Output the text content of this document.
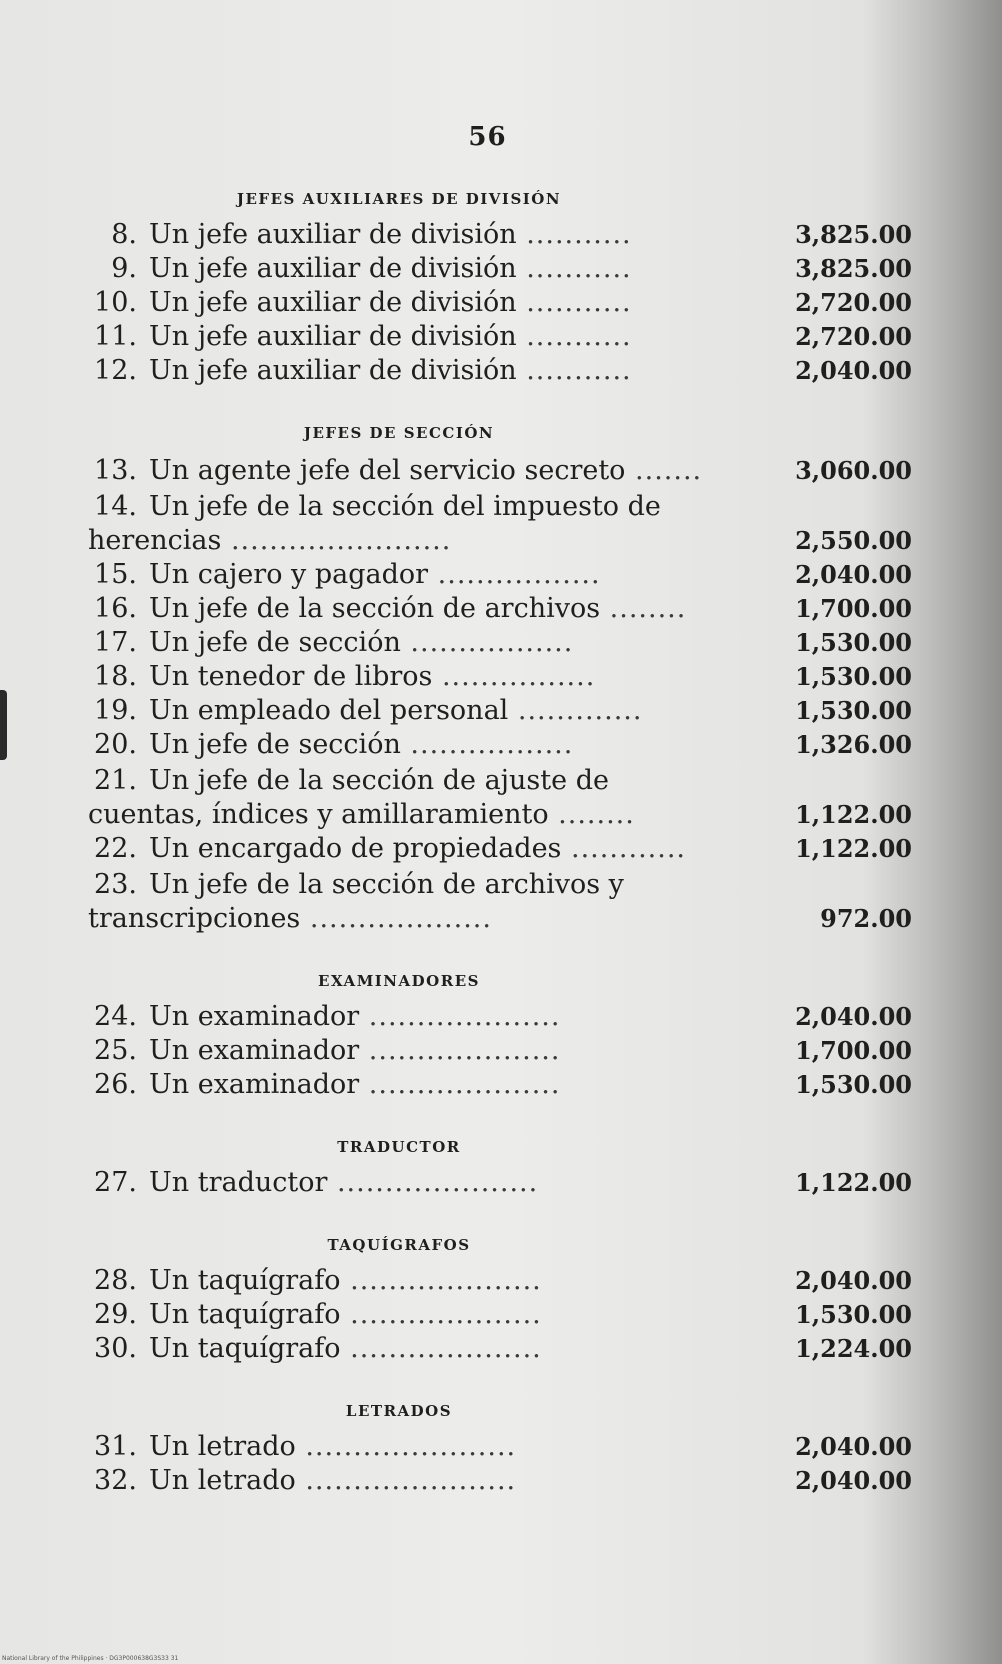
56
JEFES AUXILIARES DE DIVISIÓN
8. Un jefe auxiliar de división ...........	3,825.00
9. Un jefe auxiliar de división ...........	3,825.00
10. Un jefe auxiliar de división ...........	2,720.00
11. Un jefe auxiliar de división ...........	2,720.00
12. Un jefe auxiliar de división ...........	2,040.00
JEFES DE SECCIÓN
13. Un agente jefe del servicio secreto .......	3,060.00
14. Un jefe de la sección del impuesto de
herencias .......................	2,550.00
15. Un cajero y pagador .................	2,040.00
16. Un jefe de la sección de archivos ........	1,700.00
17. Un jefe de sección .................	1,530.00
18. Un tenedor de libros ................	1,530.00
19. Un empleado del personal .............	1,530.00
20. Un jefe de sección .................	1,326.00
21. Un jefe de la sección de ajuste de
cuentas, índices y amillaramiento ........	1,122.00
22. Un encargado de propiedades ............	1,122.00
23. Un jefe de la sección de archivos y
transcripciones ...................	972.00
EXAMINADORES
24. Un examinador ....................	2,040.00
25. Un examinador ....................	1,700.00
26. Un examinador ....................	1,530.00
TRADUCTOR
27. Un traductor .....................	1,122.00
TAQUÍGRAFOS
28. Un taquígrafo ....................	2,040.00
29. Un taquígrafo ....................	1,530.00
30. Un taquígrafo ....................	1,224.00
LETRADOS
31. Un letrado ......................	2,040.00
32. Un letrado ......................	2,040.00
National Library of the Philippines · DG3P000638G3S33 31
